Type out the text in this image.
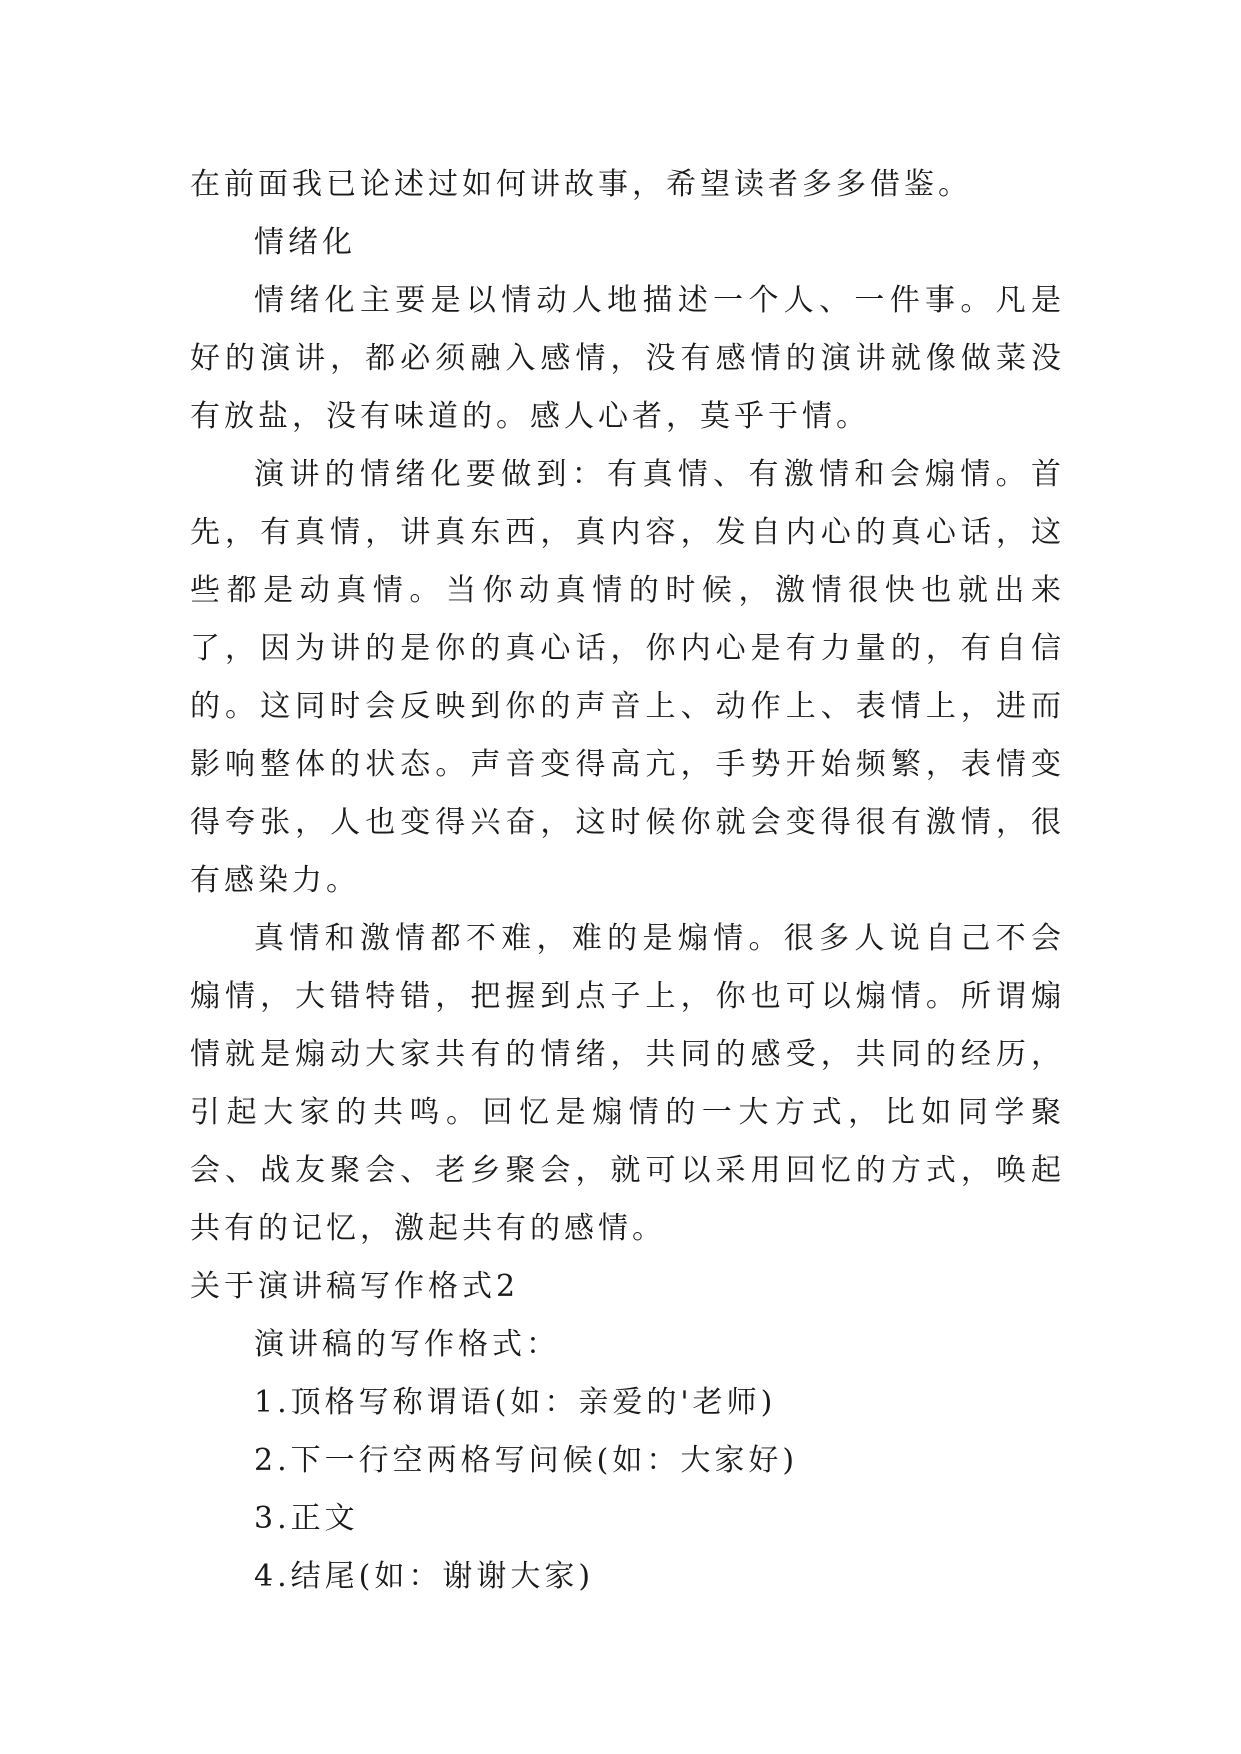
在前面我已论述过如何讲故事，希望读者多多借鉴。

情绪化

情绪化主要是以情动人地描述一个人、一件事。凡是好的演讲，都必须融入感情，没有感情的演讲就像做菜没有放盐，没有味道的。感人心者，莫乎于情。

演讲的情绪化要做到：有真情、有激情和会煽情。首先，有真情，讲真东西，真内容，发自内心的真心话，这些都是动真情。当你动真情的时候，激情很快也就出来了，因为讲的是你的真心话，你内心是有力量的，有自信的。这同时会反映到你的声音上、动作上、表情上，进而影响整体的状态。声音变得高亢，手势开始频繁，表情变得夸张，人也变得兴奋，这时候你就会变得很有激情，很有感染力。

真情和激情都不难，难的是煽情。很多人说自己不会煽情，大错特错，把握到点子上，你也可以煽情。所谓煽情就是煽动大家共有的情绪，共同的感受，共同的经历，引起大家的共鸣。回忆是煽情的一大方式，比如同学聚会、战友聚会、老乡聚会，就可以采用回忆的方式，唤起共有的记忆，激起共有的感情。

关于演讲稿写作格式2

演讲稿的写作格式：

1.顶格写称谓语(如：亲爱的'老师)

2.下一行空两格写问候(如：大家好)

3.正文

4.结尾(如：谢谢大家)
